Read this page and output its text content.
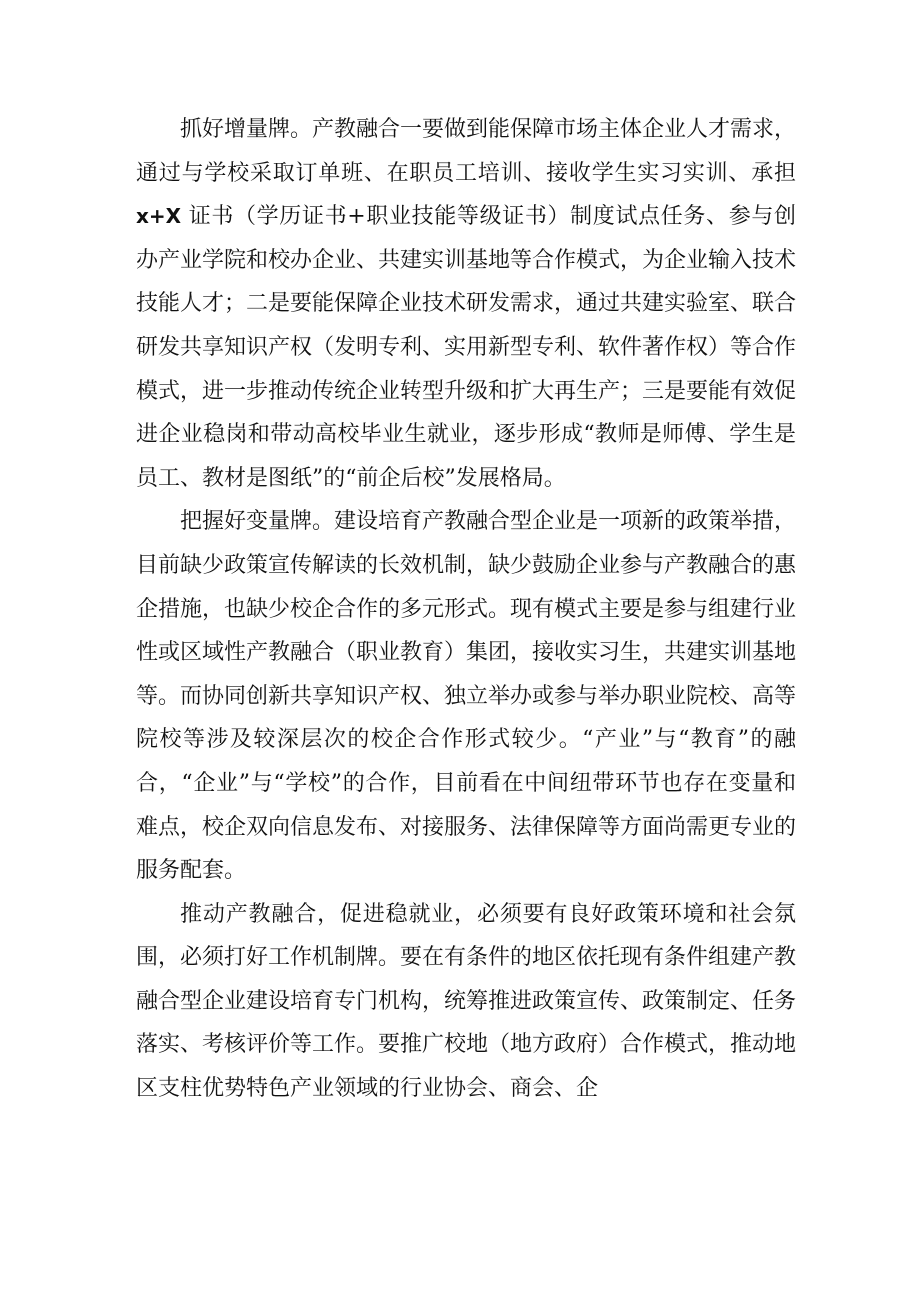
抓好增量牌。产教融合一要做到能保障市场主体企业人才需求，通过与学校采取订单班、在职员工培训、接收学生实习实训、承担 x+X 证书（学历证书+职业技能等级证书）制度试点任务、参与创办产业学院和校办企业、共建实训基地等合作模式，为企业输入技术技能人才；二是要能保障企业技术研发需求，通过共建实验室、联合研发共享知识产权（发明专利、实用新型专利、软件著作权）等合作模式，进一步推动传统企业转型升级和扩大再生产；三是要能有效促进企业稳岗和带动高校毕业生就业，逐步形成“教师是师傅、学生是员工、教材是图纸”的“前企后校”发展格局。

把握好变量牌。建设培育产教融合型企业是一项新的政策举措，目前缺少政策宣传解读的长效机制，缺少鼓励企业参与产教融合的惠企措施，也缺少校企合作的多元形式。现有模式主要是参与组建行业性或区域性产教融合（职业教育）集团，接收实习生，共建实训基地等。而协同创新共享知识产权、独立举办或参与举办职业院校、高等院校等涉及较深层次的校企合作形式较少。“产业”与“教育”的融合，“企业”与“学校”的合作，目前看在中间纽带环节也存在变量和难点，校企双向信息发布、对接服务、法律保障等方面尚需更专业的服务配套。

推动产教融合，促进稳就业，必须要有良好政策环境和社会氛围，必须打好工作机制牌。要在有条件的地区依托现有条件组建产教融合型企业建设培育专门机构，统筹推进政策宣传、政策制定、任务落实、考核评价等工作。要推广校地（地方政府）合作模式，推动地区支柱优势特色产业领域的行业协会、商会、企
